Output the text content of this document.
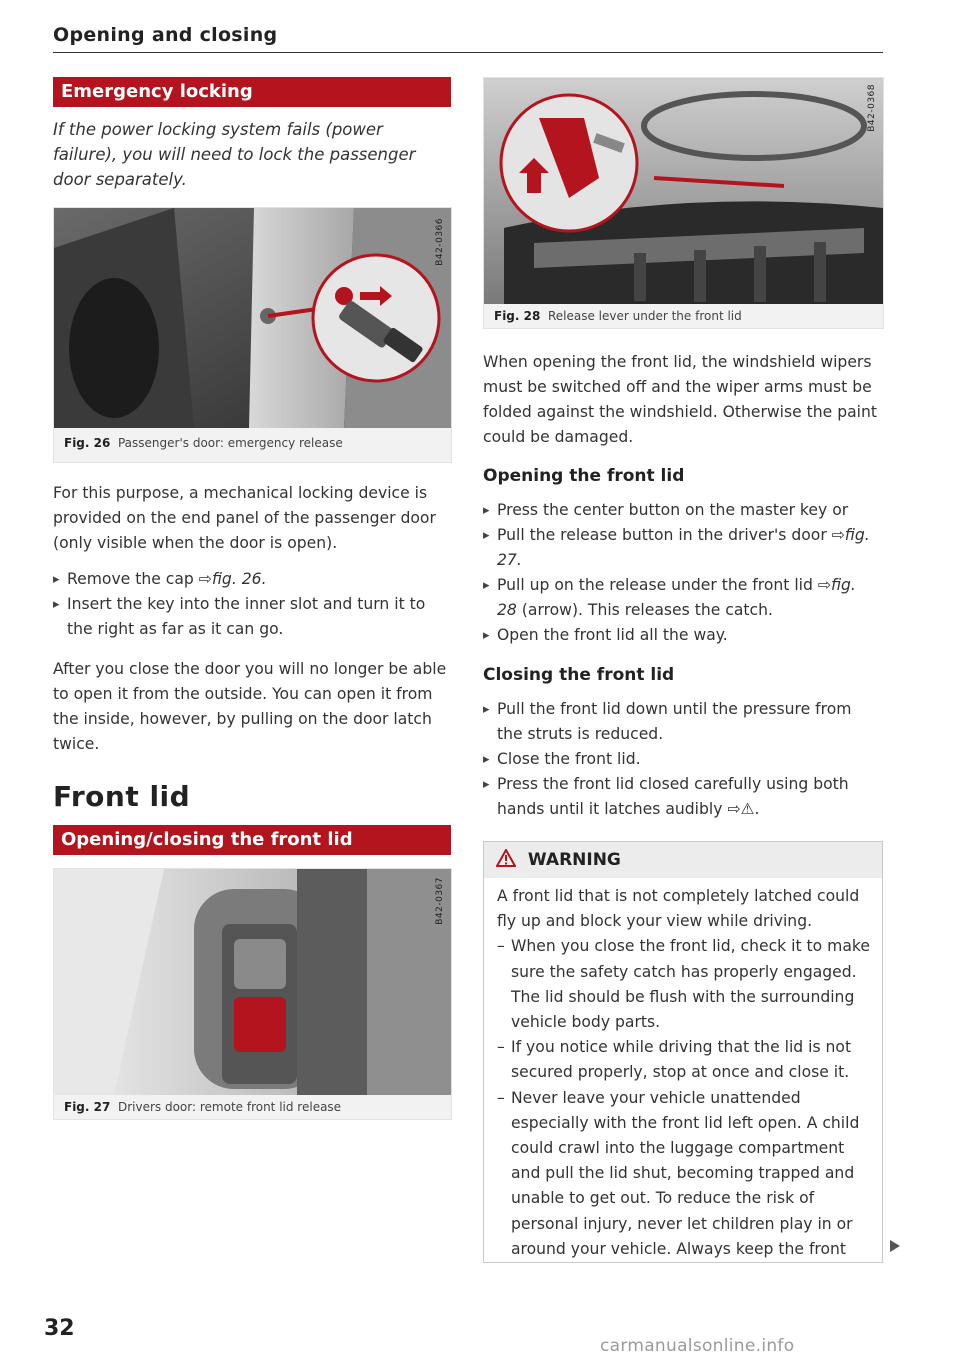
Opening and closing
Emergency locking
If the power locking system fails (power failure), you will need to lock the passenger door separately.
B42-0366
Fig. 26 Passenger's door: emergency release
For this purpose, a mechanical locking device is provided on the end panel of the passenger door (only visible when the door is open).
▸ Remove the cap ⇨fig. 26.
▸ Insert the key into the inner slot and turn it to the right as far as it can go.
After you close the door you will no longer be able to open it from the outside. You can open it from the inside, however, by pulling on the door latch twice.
Front lid
Opening/closing the front lid
B42-0367
Fig. 27 Drivers door: remote front lid release
B42-0368
Fig. 28 Release lever under the front lid
When opening the front lid, the windshield wipers must be switched off and the wiper arms must be folded against the windshield. Otherwise the paint could be damaged.
Opening the front lid
▸ Press the center button on the master key or
▸ Pull the release button in the driver's door ⇨fig. 27.
▸ Pull up on the release under the front lid ⇨fig. 28 (arrow). This releases the catch.
▸ Open the front lid all the way.
Closing the front lid
▸ Pull the front lid down until the pressure from the struts is reduced.
▸ Close the front lid.
▸ Press the front lid closed carefully using both hands until it latches audibly ⇨⚠.
WARNING
A front lid that is not completely latched could fly up and block your view while driving.
– When you close the front lid, check it to make sure the safety catch has properly engaged. The lid should be flush with the surrounding vehicle body parts.
– If you notice while driving that the lid is not secured properly, stop at once and close it.
– Never leave your vehicle unattended especially with the front lid left open. A child could crawl into the luggage compartment and pull the lid shut, becoming trapped and unable to get out. To reduce the risk of personal injury, never let children play in or around your vehicle. Always keep the front
32
carmanualsonline.info
